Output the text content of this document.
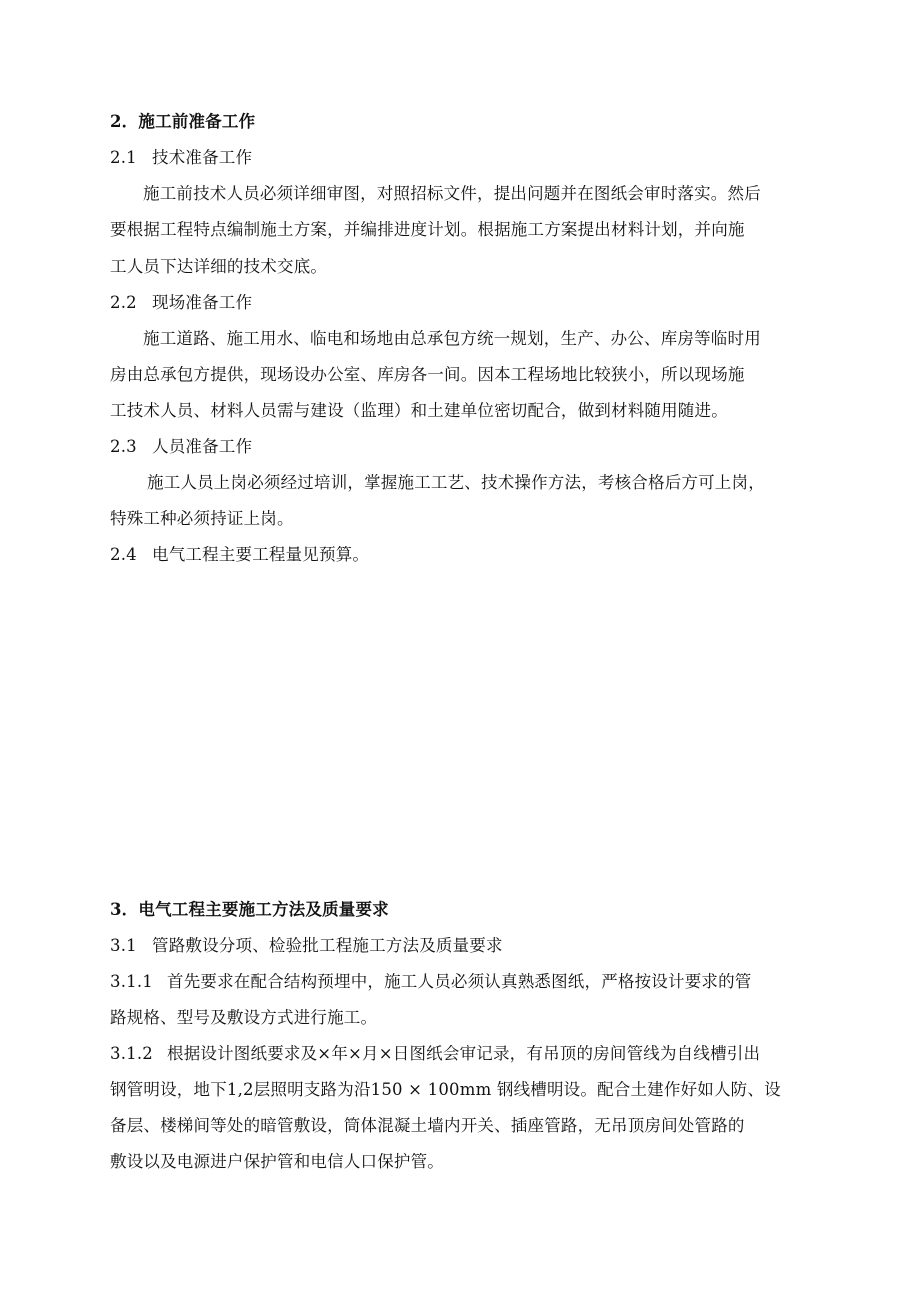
2．施工前准备工作
2.1 技术准备工作
施工前技术人员必须详细审图，对照招标文件，提出问题并在图纸会审时落实。然后
要根据工程特点编制施土方案，并编排进度计划。根据施工方案提出材料计划，并向施
工人员下达详细的技术交底。
2.2 现场准备工作
施工道路、施工用水、临电和场地由总承包方统一规划，生产、办公、库房等临时用
房由总承包方提供，现场设办公室、库房各一间。因本工程场地比较狭小，所以现场施
工技术人员、材料人员需与建设（监理）和土建单位密切配合，做到材料随用随进。
2.3 人员准备工作
施工人员上岗必须经过培训，掌握施工工艺、技术操作方法，考核合格后方可上岗，
特殊工种必须持证上岗。
2.4 电气工程主要工程量见预算。
3．电气工程主要施工方法及质量要求
3.1 管路敷设分项、检验批工程施工方法及质量要求
3.1.1 首先要求在配合结构预埋中，施工人员必须认真熟悉图纸，严格按设计要求的管
路规格、型号及敷设方式进行施工。
3.1.2 根据设计图纸要求及×年×月×日图纸会审记录，有吊顶的房间管线为自线槽引出
钢管明设，地下1,2层照明支路为沿150 × 100mm 钢线槽明设。配合土建作好如人防、设
备层、楼梯间等处的暗管敷设，筒体混凝土墙内开关、插座管路，无吊顶房间处管路的
敷设以及电源进户保护管和电信人口保护管。
